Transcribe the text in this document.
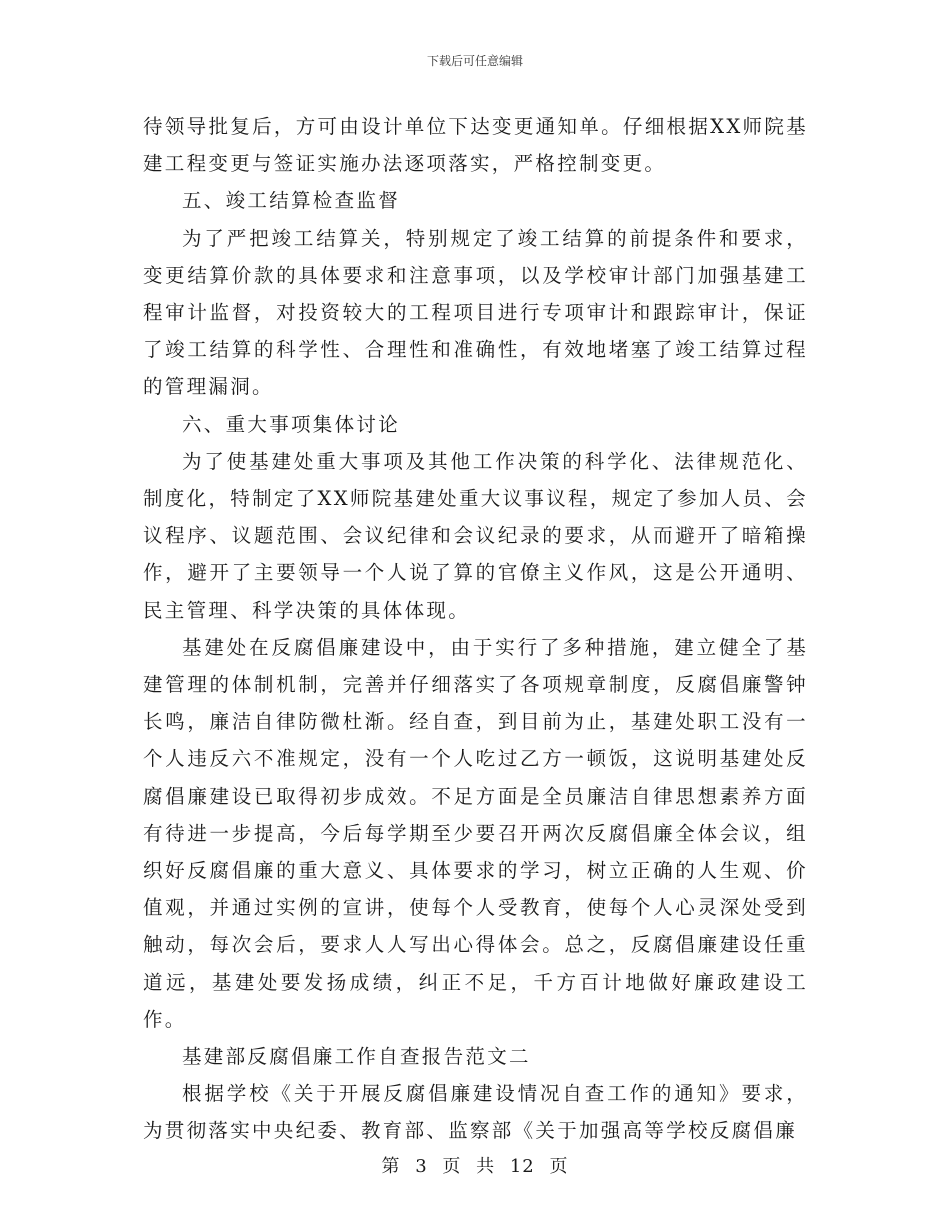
下载后可任意编辑

待领导批复后，方可由设计单位下达变更通知单。仔细根据XX师院基建工程变更与签证实施办法逐项落实，严格控制变更。

五、竣工结算检查监督

为了严把竣工结算关，特别规定了竣工结算的前提条件和要求，变更结算价款的具体要求和注意事项，以及学校审计部门加强基建工程审计监督，对投资较大的工程项目进行专项审计和跟踪审计，保证了竣工结算的科学性、合理性和准确性，有效地堵塞了竣工结算过程的管理漏洞。

六、重大事项集体讨论

为了使基建处重大事项及其他工作决策的科学化、法律规范化、制度化，特制定了XX师院基建处重大议事议程，规定了参加人员、会议程序、议题范围、会议纪律和会议纪录的要求，从而避开了暗箱操作，避开了主要领导一个人说了算的官僚主义作风，这是公开通明、民主管理、科学决策的具体体现。

基建处在反腐倡廉建设中，由于实行了多种措施，建立健全了基建管理的体制机制，完善并仔细落实了各项规章制度，反腐倡廉警钟长鸣，廉洁自律防微杜渐。经自查，到目前为止，基建处职工没有一个人违反六不准规定，没有一个人吃过乙方一顿饭，这说明基建处反腐倡廉建设已取得初步成效。不足方面是全员廉洁自律思想素养方面有待进一步提高，今后每学期至少要召开两次反腐倡廉全体会议，组织好反腐倡廉的重大意义、具体要求的学习，树立正确的人生观、价值观，并通过实例的宣讲，使每个人受教育，使每个人心灵深处受到触动，每次会后，要求人人写出心得体会。总之，反腐倡廉建设任重道远，基建处要发扬成绩，纠正不足，千方百计地做好廉政建设工作。

基建部反腐倡廉工作自查报告范文二

根据学校《关于开展反腐倡廉建设情况自查工作的通知》要求，为贯彻落实中央纪委、教育部、监察部《关于加强高等学校反腐倡廉

第 3 页 共 12 页
